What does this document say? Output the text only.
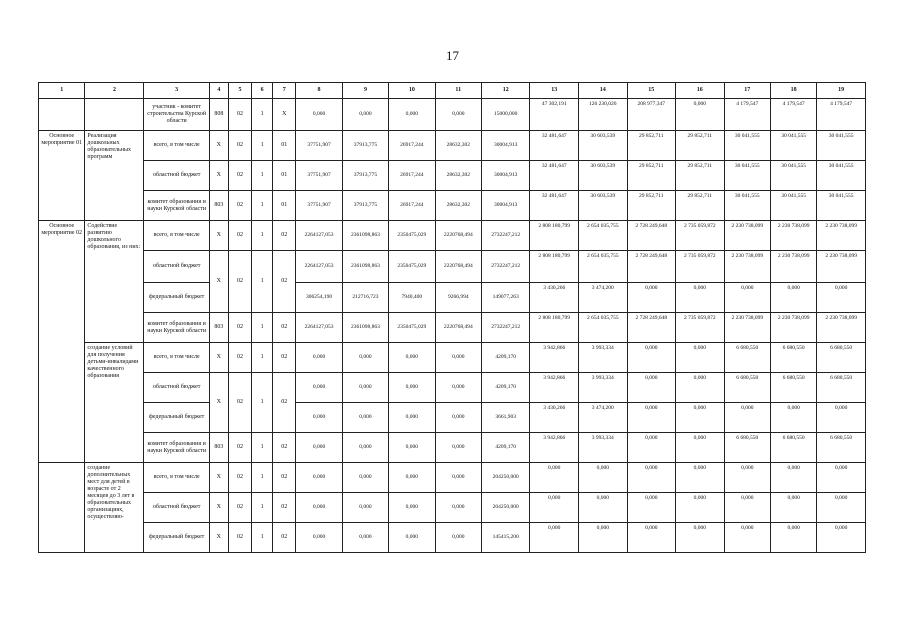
17
1	2	3	4	5	6	7	8	9	10	11	12	13	14	15	16	17	18	19
		участник - комитет строительства Курской области	808	02	1	X	0,000	0,000	0,000	0,000	15000,000	47 302,191	126 230,026	208 977,347	0,000	4 179,547	4 179,547	4 179,547
Основное мероприятие 01	Реализация дошкольных образовательных программ	всего, в том числе	X	02	1	01	37751,907	37913,775	26917,244	28632,302	30004,913	32 481,647	30 603,539	29 852,711	29 852,711	30 041,555	30 041,555	30 041,555
		областной бюджет	X	02	1	01	37751,907	37913,775	26917,244	28632,302	30004,913	32 481,647	30 603,539	29 852,711	29 852,711	30 041,555	30 041,555	30 041,555
		комитет образования и науки Курской области	803	02	1	01	37751,907	37913,775	26917,244	28632,302	30004,913	32 481,647	30 603,539	29 852,711	29 852,711	30 041,555	30 041,555	30 041,555
Основное мероприятие 02	Содействие развитию дошкольного образования, из них:	всего, в том числе	X	02	1	02	2264127,053	2361098,863	2350475,029	2220768,494	2732247,212	2 808 180,799	2 654 035,755	2 728 249,648	2 735 059,872	2 230 738,099	2 230 738,099	2 230 738,099
		областной бюджет	X	02	1	02	2264127,053	2361098,863	2350475,029	2220768,494	2732247,212	2 808 180,799	2 654 035,755	2 728 249,648	2 735 059,872	2 230 738,099	2 230 738,099	2 230 738,099
		федеральный бюджет					306254,190	212716,723	7940,400	9266,994	149077,263	3 430,266	3 474,200	0,000	0,000	0,000	0,000	0,000
		комитет образования и науки Курской области	803	02	1	02	2264127,053	2361098,863	2350475,029	2220768,494	2732247,212	2 808 180,799	2 654 035,755	2 728 249,648	2 735 059,872	2 230 738,099	2 230 738,099	2 230 738,099
	создание условий для получения детьми-инвалидами качественного образования	всего, в том числе	X	02	1	02	0,000	0,000	0,000	0,000	4209,170	3 942,866	3 993,334	0,000	0,000	6 680,550	6 680,550	6 680,550
		областной бюджет	X	02	1	02	0,000	0,000	0,000	0,000	4209,170	3 942,866	3 993,334	0,000	0,000	6 680,550	6 680,550	6 680,550
		федеральный бюджет					0,000	0,000	0,000	0,000	3661,903	3 430,266	3 474,200	0,000	0,000	0,000	0,000	0,000
		комитет образования и науки Курской области	803	02	1	02	0,000	0,000	0,000	0,000	4209,170	3 942,866	3 993,334	0,000	0,000	6 680,550	6 680,550	6 680,550
	создание дополнительных мест для детей в возрасте от 2 месяцев до 3 лет в образовательных организациях, осуществляю-	всего, в том числе	X	02	1	02	0,000	0,000	0,000	0,000	204250,000	0,000	0,000	0,000	0,000	0,000	0,000	0,000
		областной бюджет	X	02	1	02	0,000	0,000	0,000	0,000	204250,000	0,000	0,000	0,000	0,000	0,000	0,000	0,000
		федеральный бюджет	X	02	1	02	0,000	0,000	0,000	0,000	145415,200	0,000	0,000	0,000	0,000	0,000	0,000	0,000
